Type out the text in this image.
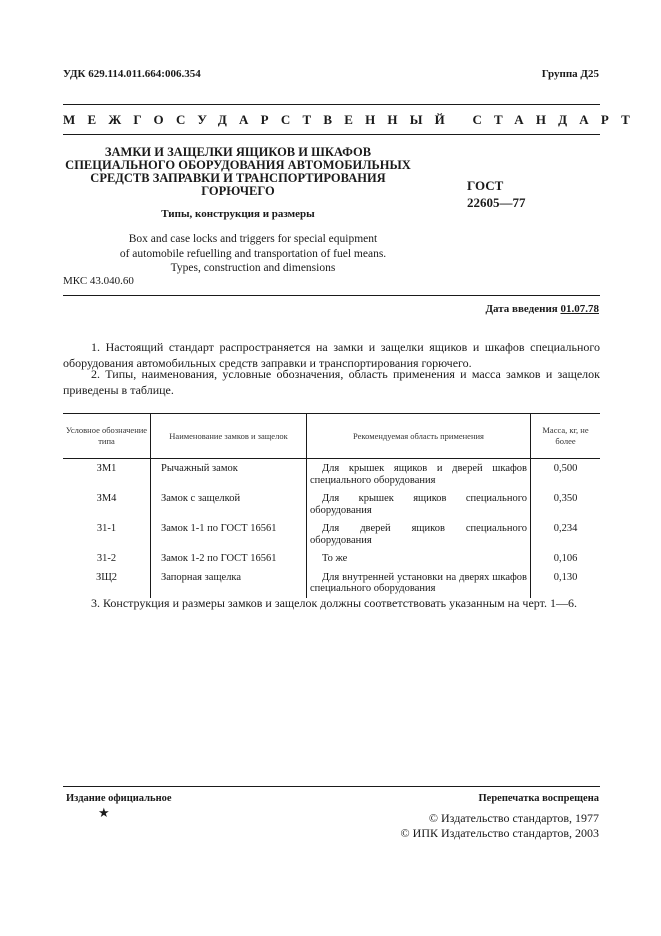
УДК 629.114.011.664:006.354	Группа Д25
МЕЖГОСУДАРСТВЕННЫЙ СТАНДАРТ
ЗАМКИ И ЗАЩЕЛКИ ЯЩИКОВ И ШКАФОВ
СПЕЦИАЛЬНОГО ОБОРУДОВАНИЯ АВТОМОБИЛЬНЫХ
СРЕДСТВ ЗАПРАВКИ И ТРАНСПОРТИРОВАНИЯ
ГОРЮЧЕГО
Типы, конструкция и размеры
Box and case locks and triggers for special equipment
of automobile refuelling and transportation of fuel means.
Types, construction and dimensions
ГОСТ
22605—77
МКС 43.040.60
Дата введения 01.07.78
1. Настоящий стандарт распространяется на замки и защелки ящиков и шкафов специального оборудования автомобильных средств заправки и транспортирования горючего.
2. Типы, наименования, условные обозначения, область применения и масса замков и защелок приведены в таблице.
Условное обозначение типа	Наименование замков и защелок	Рекомендуемая область применения	Масса, кг, не более
ЗМ1	Рычажный замок	Для крышек ящиков и дверей шкафов специального оборудования	0,500
ЗМ4	Замок с защелкой	Для крышек ящиков специального оборудования	0,350
31-1	Замок 1-1 по ГОСТ 16561	Для дверей ящиков специального оборудования	0,234
31-2	Замок 1-2 по ГОСТ 16561	То же	0,106
ЗЩ2	Запорная защелка	Для внутренней установки на дверях шкафов специального оборудования	0,130
3. Конструкция и размеры замков и защелок должны соответствовать указанным на черт. 1—6.
Издание официальное
★
Перепечатка воспрещена
© Издательство стандартов, 1977
© ИПК Издательство стандартов, 2003
